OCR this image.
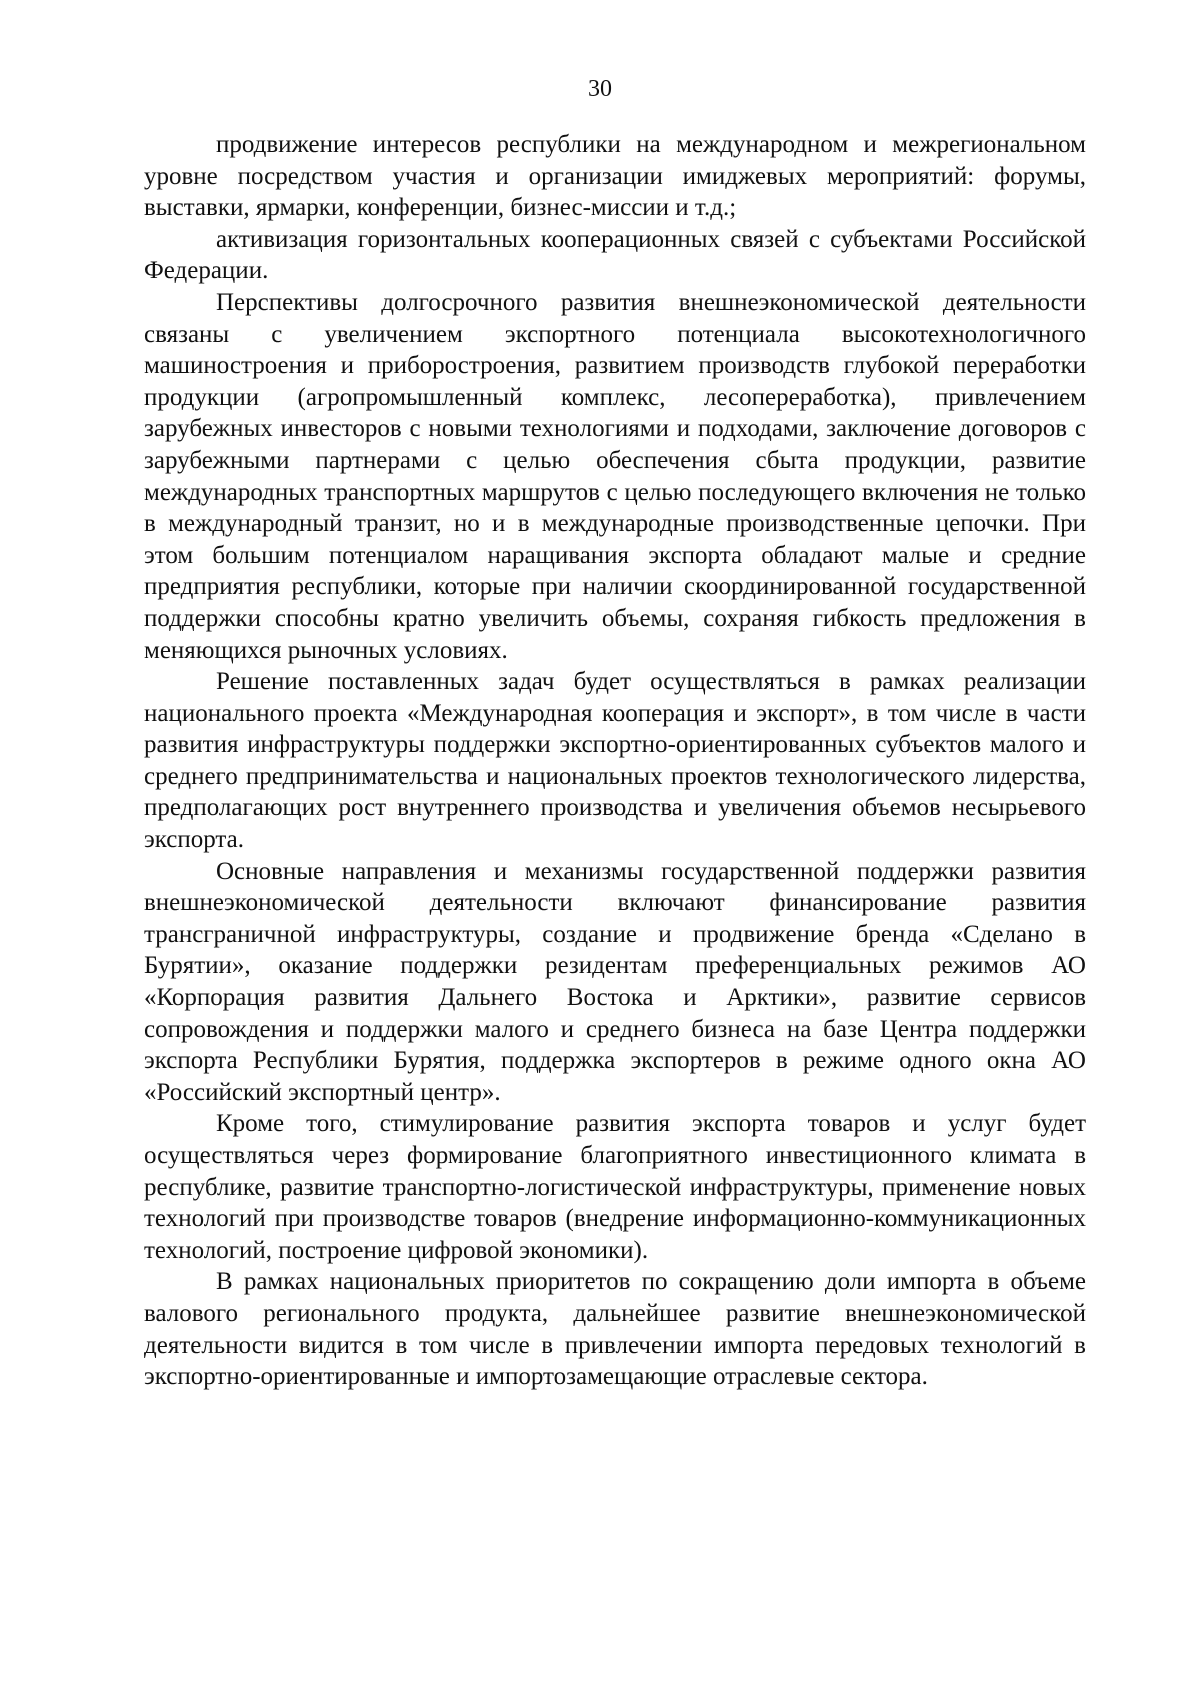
30

продвижение интересов республики на международном и межрегиональном уровне посредством участия и организации имиджевых мероприятий: форумы, выставки, ярмарки, конференции, бизнес-миссии и т.д.;

активизация горизонтальных кооперационных связей с субъектами Российской Федерации.

Перспективы долгосрочного развития внешнеэкономической деятельности связаны с увеличением экспортного потенциала высокотехнологичного машиностроения и приборостроения, развитием производств глубокой переработки продукции (агропромышленный комплекс, лесопереработка), привлечением зарубежных инвесторов с новыми технологиями и подходами, заключение договоров с зарубежными партнерами с целью обеспечения сбыта продукции, развитие международных транспортных маршрутов с целью последующего включения не только в международный транзит, но и в международные производственные цепочки. При этом большим потенциалом наращивания экспорта обладают малые и средние предприятия республики, которые при наличии скоординированной государственной поддержки способны кратно увеличить объемы, сохраняя гибкость предложения в меняющихся рыночных условиях.

Решение поставленных задач будет осуществляться в рамках реализации национального проекта «Международная кооперация и экспорт», в том числе в части развития инфраструктуры поддержки экспортно-ориентированных субъектов малого и среднего предпринимательства и национальных проектов технологического лидерства, предполагающих рост внутреннего производства и увеличения объемов несырьевого экспорта.

Основные направления и механизмы государственной поддержки развития внешнеэкономической деятельности включают финансирование развития трансграничной инфраструктуры, создание и продвижение бренда «Сделано в Бурятии», оказание поддержки резидентам преференциальных режимов АО «Корпорация развития Дальнего Востока и Арктики», развитие сервисов сопровождения и поддержки малого и среднего бизнеса на базе Центра поддержки экспорта Республики Бурятия, поддержка экспортеров в режиме одного окна АО «Российский экспортный центр».

Кроме того, стимулирование развития экспорта товаров и услуг будет осуществляться через формирование благоприятного инвестиционного климата в республике, развитие транспортно-логистической инфраструктуры, применение новых технологий при производстве товаров (внедрение информационно-коммуникационных технологий, построение цифровой экономики).

В рамках национальных приоритетов по сокращению доли импорта в объеме валового регионального продукта, дальнейшее развитие внешнеэкономической деятельности видится в том числе в привлечении импорта передовых технологий в экспортно-ориентированные и импортозамещающие отраслевые сектора.
